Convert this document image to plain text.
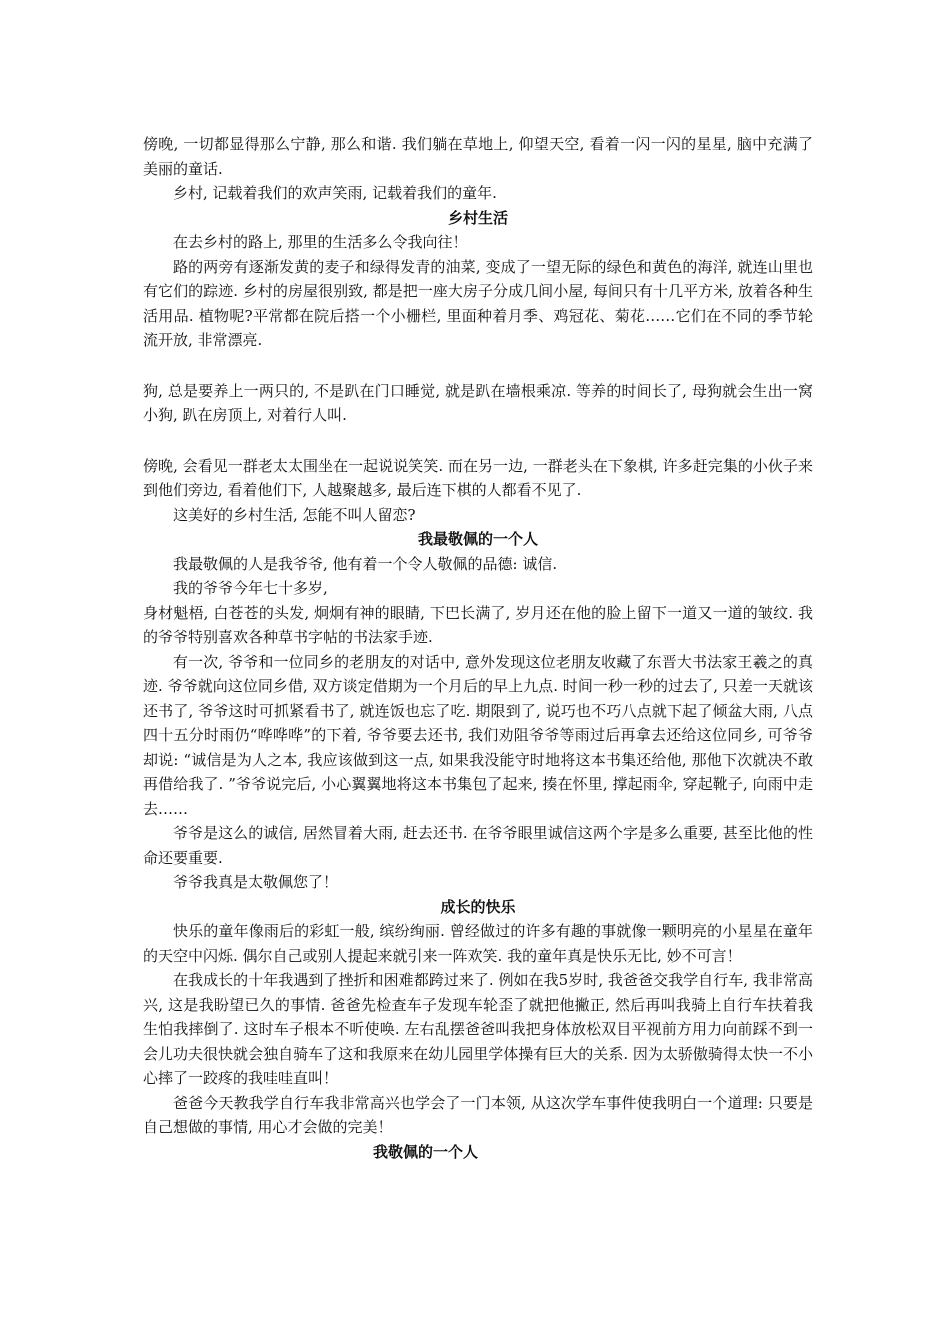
傍晚, 一切都显得那么宁静, 那么和谐. 我们躺在草地上, 仰望天空, 看着一闪一闪的星星, 脑中充满了美丽的童话.

乡村, 记载着我们的欢声笑雨, 记载着我们的童年.

乡村生活

在去乡村的路上, 那里的生活多么令我向往！

路的两旁有逐渐发黄的麦子和绿得发青的油菜, 变成了一望无际的绿色和黄色的海洋, 就连山里也有它们的踪迹. 乡村的房屋很别致, 都是把一座大房子分成几间小屋, 每间只有十几平方米, 放着各种生活用品. 植物呢?平常都在院后搭一个小栅栏, 里面种着月季、鸡冠花、菊花……它们在不同的季节轮流开放, 非常漂亮.

狗, 总是要养上一两只的, 不是趴在门口睡觉, 就是趴在墙根乘凉. 等养的时间长了, 母狗就会生出一窝小狗, 趴在房顶上, 对着行人叫.

傍晚, 会看见一群老太太围坐在一起说说笑笑. 而在另一边, 一群老头在下象棋, 许多赶完集的小伙子来到他们旁边, 看着他们下, 人越聚越多, 最后连下棋的人都看不见了.

这美好的乡村生活, 怎能不叫人留恋?

我最敬佩的一个人

我最敬佩的人是我爷爷, 他有着一个令人敬佩的品德: 诚信.

我的爷爷今年七十多岁,

身材魁梧, 白苍苍的头发, 炯炯有神的眼睛, 下巴长满了, 岁月还在他的脸上留下一道又一道的皱纹. 我的爷爷特别喜欢各种草书字帖的书法家手迹.

有一次, 爷爷和一位同乡的老朋友的对话中, 意外发现这位老朋友收藏了东晋大书法家王羲之的真迹. 爷爷就向这位同乡借, 双方谈定借期为一个月后的早上九点. 时间一秒一秒的过去了, 只差一天就该还书了, 爷爷这时可抓紧看书了, 就连饭也忘了吃. 期限到了, 说巧也不巧八点就下起了倾盆大雨, 八点四十五分时雨仍“哗哗哗”的下着, 爷爷要去还书, 我们劝阻爷爷等雨过后再拿去还给这位同乡, 可爷爷却说: “诚信是为人之本, 我应该做到这一点, 如果我没能守时地将这本书集还给他, 那他下次就决不敢再借给我了. ”爷爷说完后, 小心翼翼地将这本书集包了起来, 揍在怀里, 撑起雨伞, 穿起靴子, 向雨中走去……

爷爷是这么的诚信, 居然冒着大雨, 赶去还书. 在爷爷眼里诚信这两个字是多么重要, 甚至比他的性命还要重要.

爷爷我真是太敬佩您了！

成长的快乐

快乐的童年像雨后的彩虹一般, 缤纷绚丽. 曾经做过的许多有趣的事就像一颗明亮的小星星在童年的天空中闪烁. 偶尔自己或别人提起来就引来一阵欢笑. 我的童年真是快乐无比, 妙不可言！

在我成长的十年我遇到了挫折和困难都跨过来了. 例如在我5岁时, 我爸爸交我学自行车, 我非常高兴, 这是我盼望已久的事情. 爸爸先检查车子发现车轮歪了就把他撇正, 然后再叫我骑上自行车扶着我生怕我摔倒了. 这时车子根本不听使唤. 左右乱摆爸爸叫我把身体放松双目平视前方用力向前踩不到一会儿功夫很快就会独自骑车了这和我原来在幼儿园里学体操有巨大的关系. 因为太骄傲骑得太快一不小心摔了一跤疼的我哇哇直叫！

爸爸今天教我学自行车我非常高兴也学会了一门本领, 从这次学车事件使我明白一个道理: 只要是自己想做的事情, 用心才会做的完美！

我敬佩的一个人
